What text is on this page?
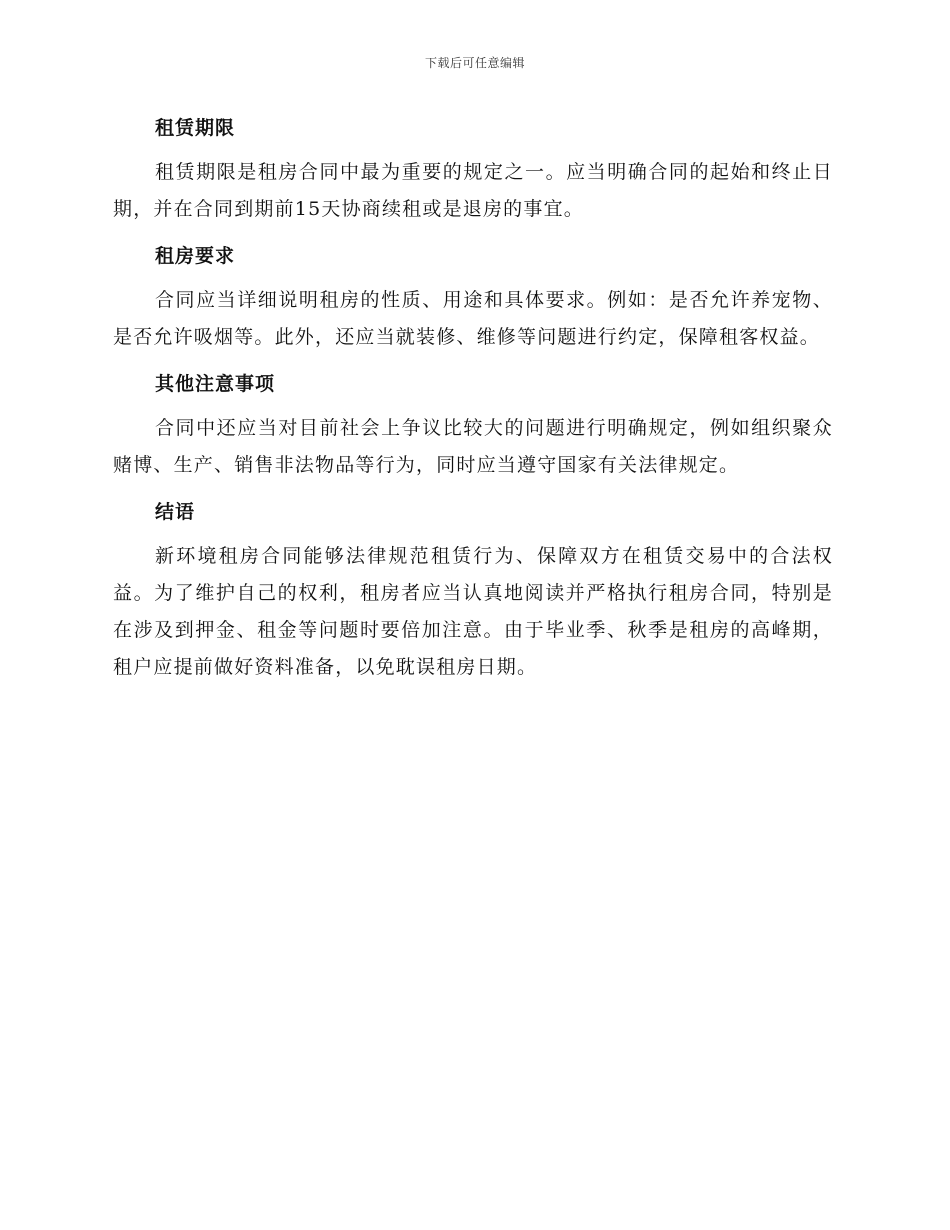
下载后可任意编辑
租赁期限

租赁期限是租房合同中最为重要的规定之一。应当明确合同的起始和终止日期，并在合同到期前15天协商续租或是退房的事宜。

租房要求

合同应当详细说明租房的性质、用途和具体要求。例如：是否允许养宠物、是否允许吸烟等。此外，还应当就装修、维修等问题进行约定，保障租客权益。

其他注意事项

合同中还应当对目前社会上争议比较大的问题进行明确规定，例如组织聚众赌博、生产、销售非法物品等行为，同时应当遵守国家有关法律规定。

结语

新环境租房合同能够法律规范租赁行为、保障双方在租赁交易中的合法权益。为了维护自己的权利，租房者应当认真地阅读并严格执行租房合同，特别是在涉及到押金、租金等问题时要倍加注意。由于毕业季、秋季是租房的高峰期，租户应提前做好资料准备，以免耽误租房日期。
